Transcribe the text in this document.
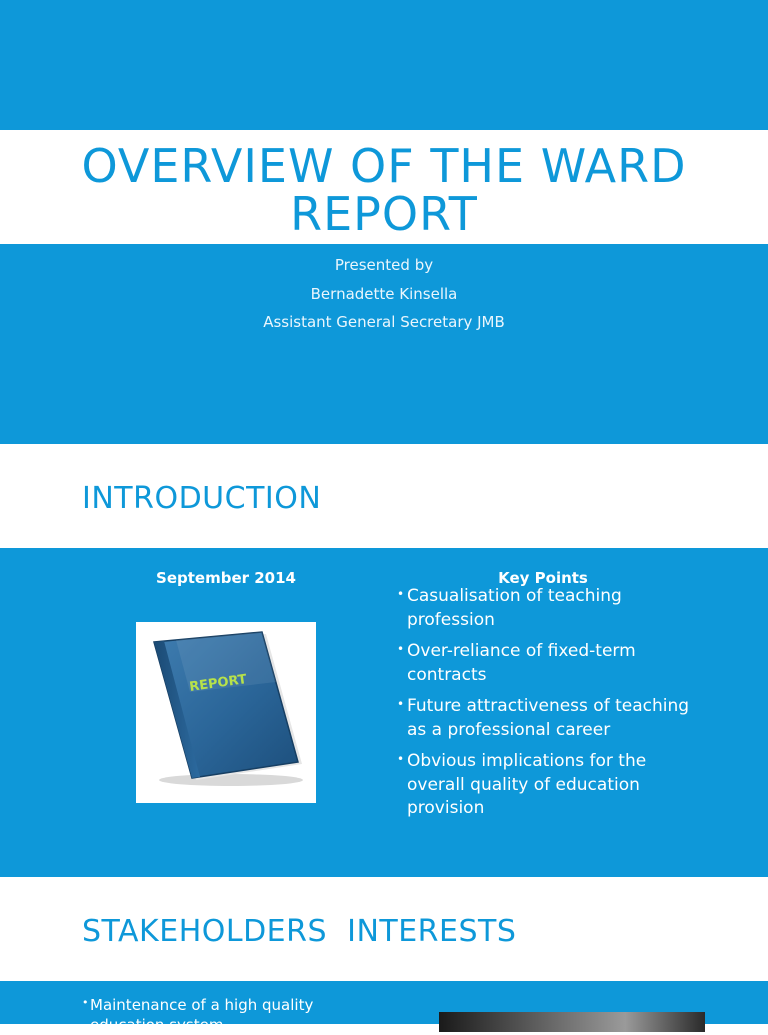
OVERVIEW OF THE WARD REPORT
Presented by
Bernadette Kinsella
Assistant General Secretary JMB
INTRODUCTION
September 2014
REPORT
Key Points
• Casualisation of teaching profession
• Over-reliance of fixed-term contracts
• Future attractiveness of teaching as a professional career
• Obvious implications for the overall quality of education provision
STAKEHOLDERS  INTERESTS
• Maintenance of a high quality education system
